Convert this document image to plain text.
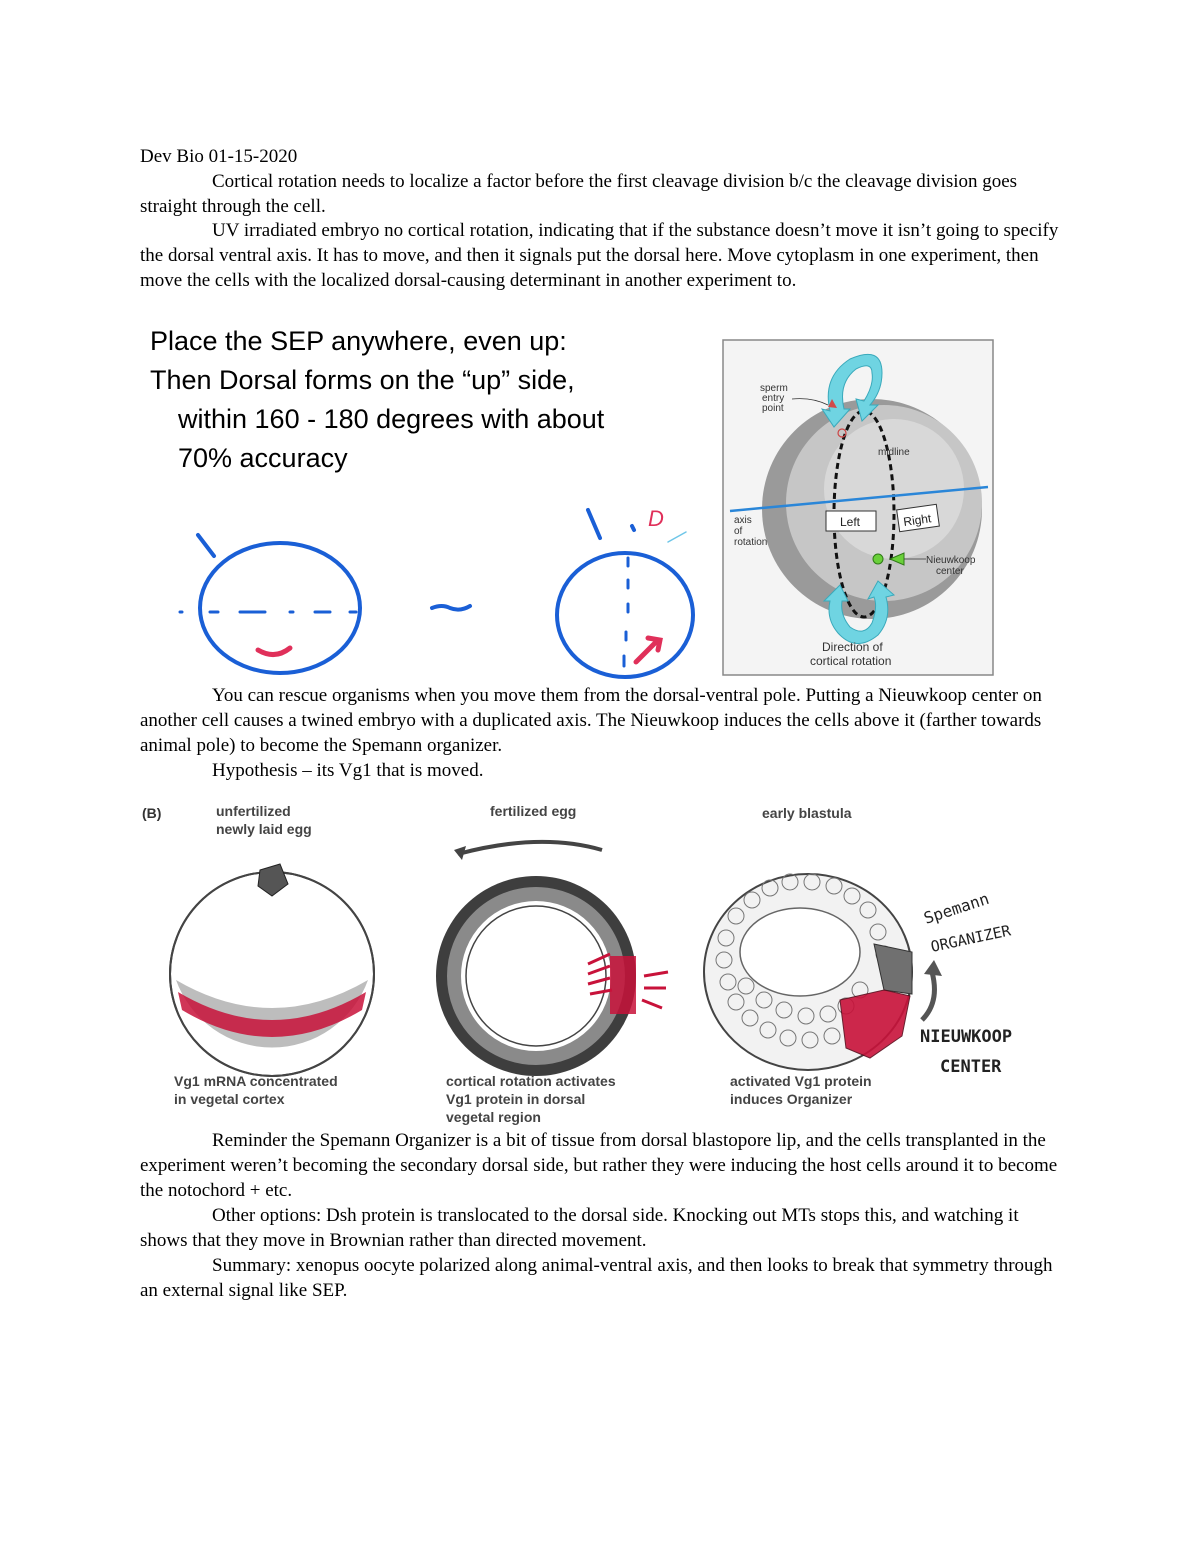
Dev Bio 01-15-2020

Cortical rotation needs to localize a factor before the first cleavage division b/c the cleavage division goes straight through the cell.

UV irradiated embryo no cortical rotation, indicating that if the substance doesn’t move it isn’t going to specify the dorsal ventral axis. It has to move, and then it signals put the dorsal here. Move cytoplasm in one experiment, then move the cells with the localized dorsal-causing determinant in another experiment to.

Place the SEP anywhere, even up:
Then Dorsal forms on the “up” side,
within 160 - 180 degrees with about
70% accuracy
D
sperm
entry
point
midline
Left	Right
axis
of
rotation
Nieuwkoop
center
Direction of
cortical rotation

You can rescue organisms when you move them from the dorsal-ventral pole. Putting a Nieuwkoop center on another cell causes a twined embryo with a duplicated axis. The Nieuwkoop induces the cells above it (farther towards animal pole) to become the Spemann organizer.

Hypothesis – its Vg1 that is moved.

(B)	unfertilized
newly laid egg
fertilized egg	early blastula
Spemann
ORGANIZER
NIEUWKOOP
CENTER
Vg1 mRNA concentrated
in vegetal cortex
cortical rotation activates
Vg1 protein in dorsal
vegetal region
activated Vg1 protein
induces Organizer

Reminder the Spemann Organizer is a bit of tissue from dorsal blastopore lip, and the cells transplanted in the experiment weren’t becoming the secondary dorsal side, but rather they were inducing the host cells around it to become the notochord + etc.

Other options: Dsh protein is translocated to the dorsal side. Knocking out MTs stops this, and watching it shows that they move in Brownian rather than directed movement.

Summary: xenopus oocyte polarized along animal-ventral axis, and then looks to break that symmetry through an external signal like SEP.
